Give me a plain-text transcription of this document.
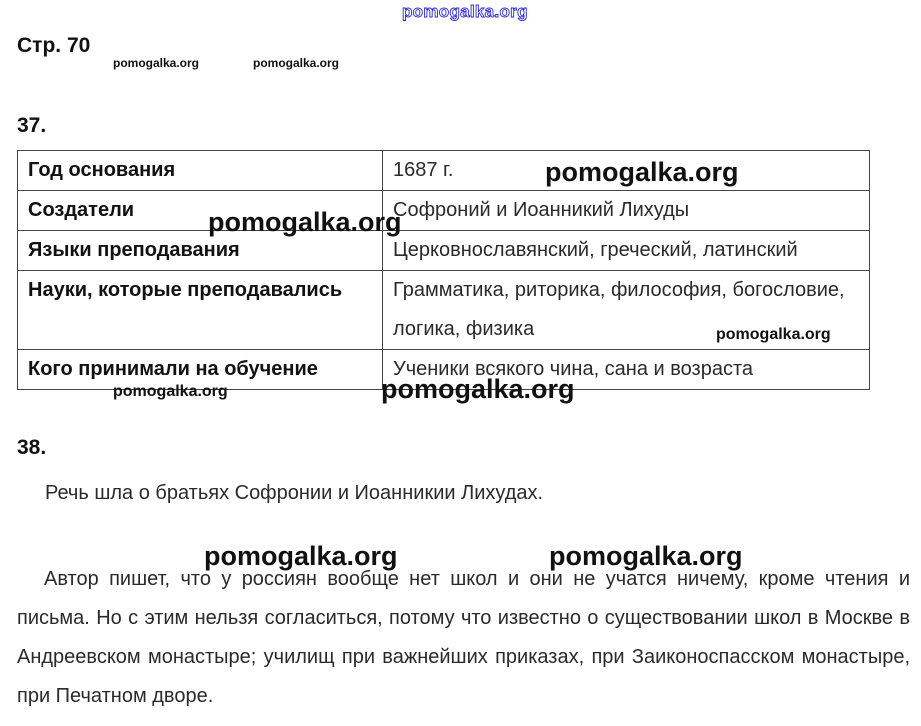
pomogalka.org
Стр. 70
pomogalka.org	pomogalka.org
37.
Год основания	1687 г.
Создатели	Софроний и Иоанникий Лихуды
Языки преподавания	Церковнославянский, греческий, латинский
Науки, которые преподавались	Грамматика, риторика, философия, богословие, логика, физика
Кого принимали на обучение	Ученики всякого чина, сана и возраста
pomogalka.org
pomogalka.org
pomogalka.org
pomogalka.org
pomogalka.org
38.
Речь шла о братьях Софронии и Иоанникии Лихудах.
Автор пишет, что у россиян вообще нет школ и они не учатся ничему, кроме чтения и письма. Но с этим нельзя согласиться, потому что известно о существовании школ в Москве в Андреевском монастыре; училищ при важнейших приказах, при Заиконоспасском монастыре, при Печатном дворе.
pomogalka.org	pomogalka.org
